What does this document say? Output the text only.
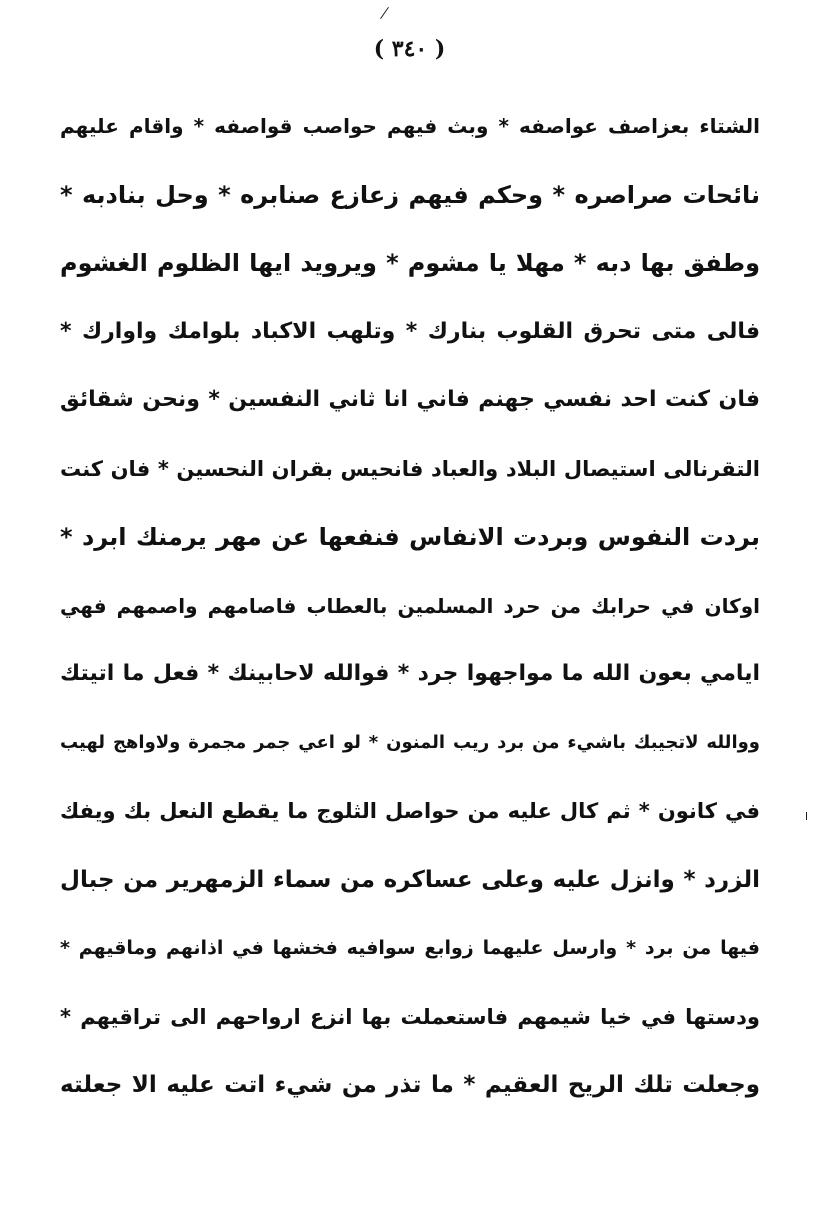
( ٣٤٠ )
الشتاء بعزاصف عواصفه * وبث فيهم حواصب قواصفه * واقام عليهم
نائحات صراصره * وحكم فيهم زعازع صنابره * وحل بنادبه *
وطفق بها دبه * مهلا يا مشوم * ويرويد ايها الظلوم الغشوم
فالى متى تحرق القلوب بنارك * وتلهب الاكباد بلوامك واوارك *
فان كنت احد نفسي جهنم فاني انا ثاني النفسين * ونحن شقائق
التقرنالى استيصال البلاد والعباد فانحيس بقران النحسين * فان كنت
بردت النفوس وبردت الانفاس فنفعها عن مهر يرمنك ابرد *
اوكان في حرابك من حرد المسلمين بالعطاب فاصامهم واصمهم فهي
ايامي بعون الله ما مواجهوا جرد * فوالله لاحابينك * فعل ما اتيتك
ووالله لاتجيبك باشيء من برد ريب المنون * لو اعي جمر مجمرة ولاواهج لهيب
في كانون * ثم كال عليه من حواصل الثلوج ما يقطع النعل بك ويفك
الزرد * وانزل عليه وعلى عساكره من سماء الزمهرير من جبال
فيها من برد * وارسل عليهما زوابع سوافيه فخشها في اذانهم وماقيهم *
ودستها في خيا شيمهم فاستعملت بها انزع ارواحهم الى تراقيهم *
وجعلت تلك الريح العقيم * ما تذر من شيء اتت عليه الا جعلته
